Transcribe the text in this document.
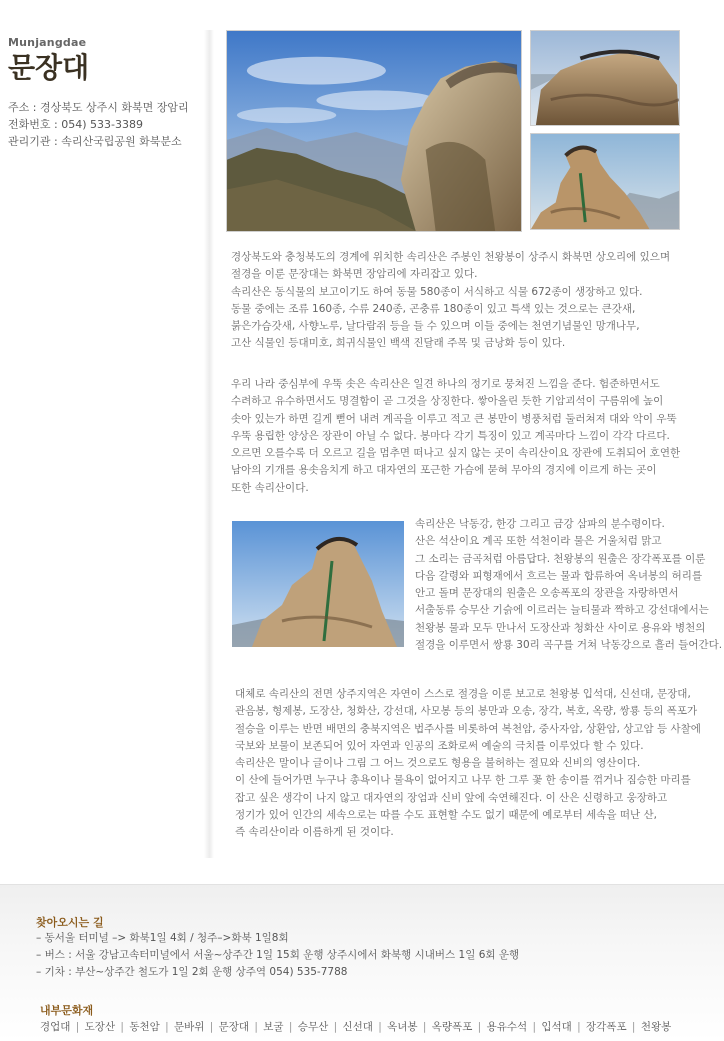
Munjangdae
문장대
주소 : 경상북도 상주시 화북면 장암리
전화번호 : 054) 533-3389
관리기관 : 속리산국립공원 화북분소
경상북도와 충청북도의 경계에 위치한 속리산은 주봉인 천왕봉이 상주시 화북면 상오리에 있으며
절경을 이룬 문장대는 화북면 장암리에 자리잡고 있다.
속리산은 동식물의 보고이기도 하여 동물 580종이 서식하고 식물 672종이 생장하고 있다.
동물 중에는 조류 160종, 수류 240종, 곤충류 180종이 있고 특색 있는 것으로는 큰갓새,
붉은가슴갓새, 사향노루, 날다람쥐 등을 들 수 있으며 이들 중에는 천연기념물인 망개나무,
고산 식물인 등대미호, 희귀식물인 백색 진달래 주목 및 금낭화 등이 있다.
우리 나라 중심부에 우뚝 솟은 속리산은 일견 하나의 정기로 뭉쳐진 느낌을 준다. 험준하면서도
수려하고 유수하면서도 명결함이 곧 그것을 상징한다. 쌓아올린 듯한 기암괴석이 구름위에 높이
솟아 있는가 하면 길게 뻗어 내려 계곡을 이루고 적고 큰 봉만이 병풍처럼 둘러쳐져 대와 악이 우뚝
우뚝 용립한 양상은 장관이 아닐 수 없다. 봉마다 각기 특징이 있고 계곡마다 느낌이 각각 다르다.
오르면 오를수록 더 오르고 길을 멈추면 떠나고 싶지 않는 곳이 속리산이요 장관에 도취되어 호연한
남아의 기개를 용솟음치게 하고 대자연의 포근한 가슴에 묻혀 무아의 경지에 이르게 하는 곳이
또한 속리산이다.
속리산은 낙동강, 한강 그리고 금강 삼파의 분수령이다.
산은 석산이요 계곡 또한 석천이라 물은 거울처럼 맑고
그 소리는 금곡처럼 아름답다. 천왕봉의 원출은 장각폭포를 이룬
다음 갈령와 피형재에서 흐르는 물과 합류하여 옥녀봉의 허리를
안고 돌며 문장대의 원출은 오송폭포의 장관을 자랑하면서
서출동류 승무산 기슭에 이르러는 늘티물과 짝하고 강선대에서는
천왕봉 물과 모두 만나서 도장산과 청화산 사이로 용유와 병천의
절경을 이루면서 쌍룡 30리 곡구를 거쳐 낙동강으로 흘러 들어간다.
대체로 속리산의 전면 상주지역은 자연이 스스로 절경을 이룬 보고로 천왕봉 입석대, 신선대, 문장대,
관음봉, 형제봉, 도장산, 청화산, 강선대, 사모봉 등의 봉만과 오송, 장각, 복호, 옥량, 쌍룡 등의 폭포가
절승을 이루는 반면 배면의 충북지역은 법주사를 비롯하여 복천암, 중사자암, 상환암, 상고암 등 사찰에
국보와 보물이 보존되어 있어 자연과 인공의 조화로써 예술의 극치를 이루었다 할 수 있다.
속리산은 말이나 글이나 그림 그 어느 것으로도 형용을 불허하는 절묘와 신비의 영산이다.
이 산에 들어가면 누구나 총욕이나 물욕이 없어지고 나무 한 그루 꽃 한 송이를 꺾거나 짐승한 마리를
잡고 싶은 생각이 나지 않고 대자연의 장엄과 신비 앞에 숙연해진다. 이 산은 신령하고 웅장하고
정기가 있어 인간의 세속으로는 따를 수도 표현할 수도 없기 때문에 예로부터 세속을 떠난 산,
즉 속리산이라 이름하게 된 것이다.
찾아오시는 길
– 동서울 터미널 –> 화북1일 4회 / 청주–>화북 1일8회
– 버스 : 서울 강남고속터미널에서 서울~상주간 1일 15회 운행 상주시에서 화북행 시내버스 1일 6회 운행
– 기차 : 부산~상주간 철도가 1일 2회 운행 상주역 054) 535-7788
내부문화재
경업대 | 도장산 | 동천암 | 문바위 | 문장대 | 보굴 | 승무산 | 신선대 | 옥녀봉 | 옥량폭포 | 용유수석 | 입석대 | 장각폭포 | 천왕봉
